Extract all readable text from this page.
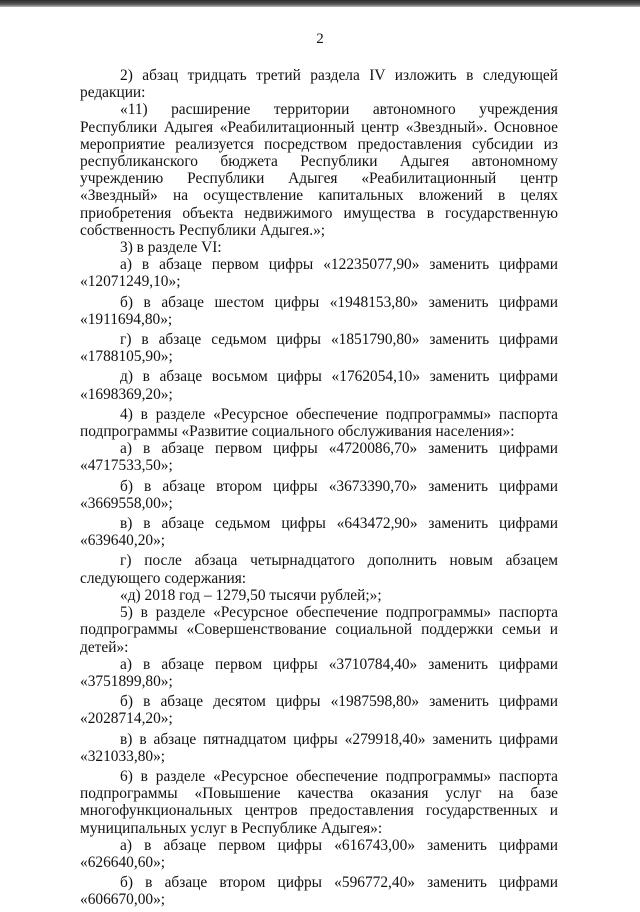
2

2) абзац тридцать третий раздела IV изложить в следующей редакции:

«11) расширение территории автономного учреждения Республики Адыгея «Реабилитационный центр «Звездный». Основное мероприятие реализуется посредством предоставления субсидии из республиканского бюджета Республики Адыгея автономному учреждению Республики Адыгея «Реабилитационный центр «Звездный» на осуществление капитальных вложений в целях приобретения объекта недвижимого имущества в государственную собственность Республики Адыгея.»;

3) в разделе VI:

а) в абзаце первом цифры «12235077,90» заменить цифрами

«12071249,10»;

б) в абзаце шестом цифры «1948153,80» заменить цифрами

«1911694,80»;

г) в абзаце седьмом цифры «1851790,80» заменить цифрами

«1788105,90»;

д) в абзаце восьмом цифры «1762054,10» заменить цифрами

«1698369,20»;

4) в разделе «Ресурсное обеспечение подпрограммы» паспорта подпрограммы «Развитие социального обслуживания населения»:

а) в абзаце первом цифры «4720086,70» заменить цифрами

«4717533,50»;

б) в абзаце втором цифры «3673390,70» заменить цифрами

«3669558,00»;

в) в абзаце седьмом цифры «643472,90» заменить цифрами

«639640,20»;

г) после абзаца четырнадцатого дополнить новым абзацем следующего содержания:

«д) 2018 год – 1279,50 тысячи рублей;»;

5) в разделе «Ресурсное обеспечение подпрограммы» паспорта подпрограммы «Совершенствование социальной поддержки семьи и детей»:

а) в абзаце первом цифры «3710784,40» заменить цифрами

«3751899,80»;

б) в абзаце десятом цифры «1987598,80» заменить цифрами

«2028714,20»;

в) в абзаце пятнадцатом цифры «279918,40» заменить цифрами

«321033,80»;

6) в разделе «Ресурсное обеспечение подпрограммы» паспорта подпрограммы «Повышение качества оказания услуг на базе многофункциональных центров предоставления государственных и муниципальных услуг в Республике Адыгея»:

а) в абзаце первом цифры «616743,00» заменить цифрами

«626640,60»;

б) в абзаце втором цифры «596772,40» заменить цифрами

«606670,00»;
